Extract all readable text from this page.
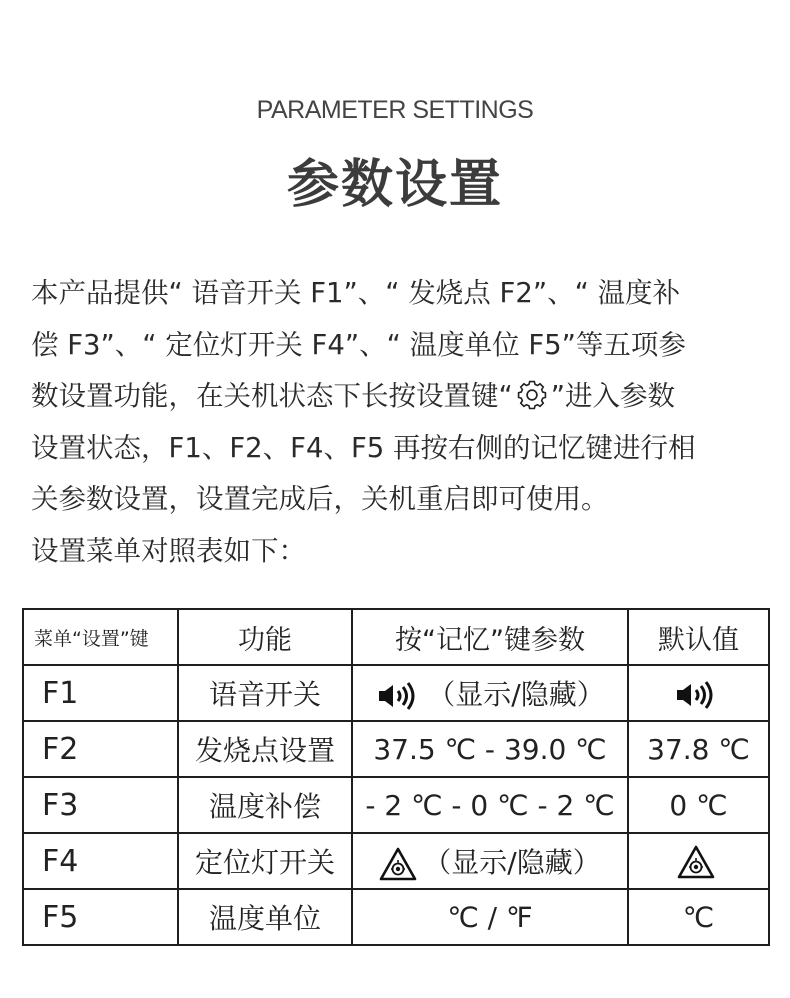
PARAMETER SETTINGS
参数设置

本产品提供“ 语音开关 F1”、“ 发烧点 F2”、“ 温度补

偿 F3”、“ 定位灯开关 F4”、“ 温度单位 F5”等五项参

数设置功能，在关机状态下长按设置键“ ”进入参数

设置状态，F1、F2、F4、F5 再按右侧的记忆键进行相

关参数设置，设置完成后，关机重启即可使用。

设置菜单对照表如下：

菜单“设置”键	功能	按“记忆”键参数	默认值
F1	语音开关	（显示/隐藏）	
F2	发烧点设置	37.5 ℃ - 39.0 ℃	37.8 ℃
F3	温度补偿	- 2 ℃ - 0 ℃ - 2 ℃	0 ℃
F4	定位灯开关	（显示/隐藏）	
F5	温度单位	℃ / ℉	℃
